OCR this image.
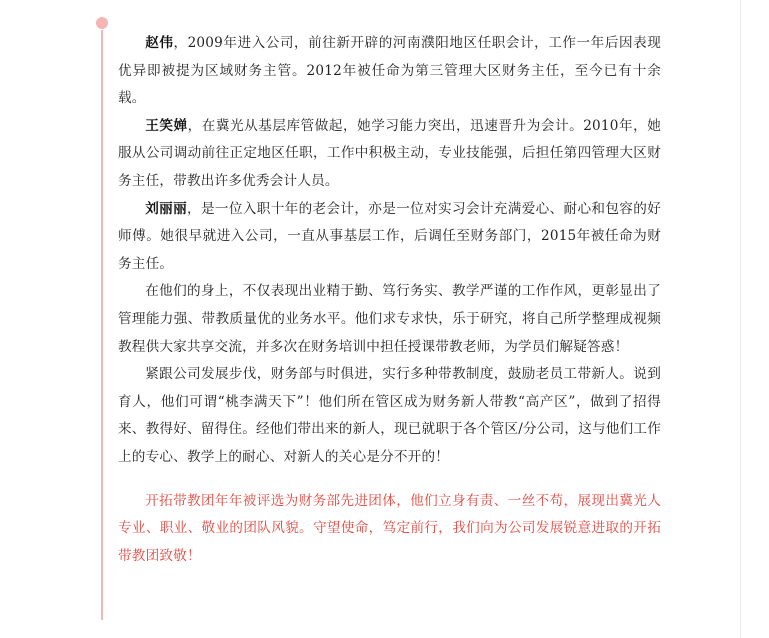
赵伟，2009年进入公司，前往新开辟的河南濮阳地区任职会计，工作一年后因表现优异即被提为区域财务主管。2012年被任命为第三管理大区财务主任，至今已有十余载。

王笑婵，在冀光从基层库管做起，她学习能力突出，迅速晋升为会计。2010年，她服从公司调动前往正定地区任职，工作中积极主动，专业技能强，后担任第四管理大区财务主任，带教出许多优秀会计人员。

刘丽丽，是一位入职十年的老会计，亦是一位对实习会计充满爱心、耐心和包容的好师傅。她很早就进入公司，一直从事基层工作，后调任至财务部门，2015年被任命为财务主任。

在他们的身上，不仅表现出业精于勤、笃行务实、教学严谨的工作作风，更彰显出了管理能力强、带教质量优的业务水平。他们求专求快，乐于研究，将自己所学整理成视频教程供大家共享交流，并多次在财务培训中担任授课带教老师，为学员们解疑答惑！

紧跟公司发展步伐，财务部与时俱进，实行多种带教制度，鼓励老员工带新人。说到育人，他们可谓“桃李满天下”！他们所在管区成为财务新人带教“高产区”，做到了招得来、教得好、留得住。经他们带出来的新人，现已就职于各个管区/分公司，这与他们工作上的专心、教学上的耐心、对新人的关心是分不开的！

开拓带教团年年被评选为财务部先进团体，他们立身有责、一丝不苟，展现出冀光人专业、职业、敬业的团队风貌。守望使命，笃定前行，我们向为公司发展锐意进取的开拓带教团致敬！
